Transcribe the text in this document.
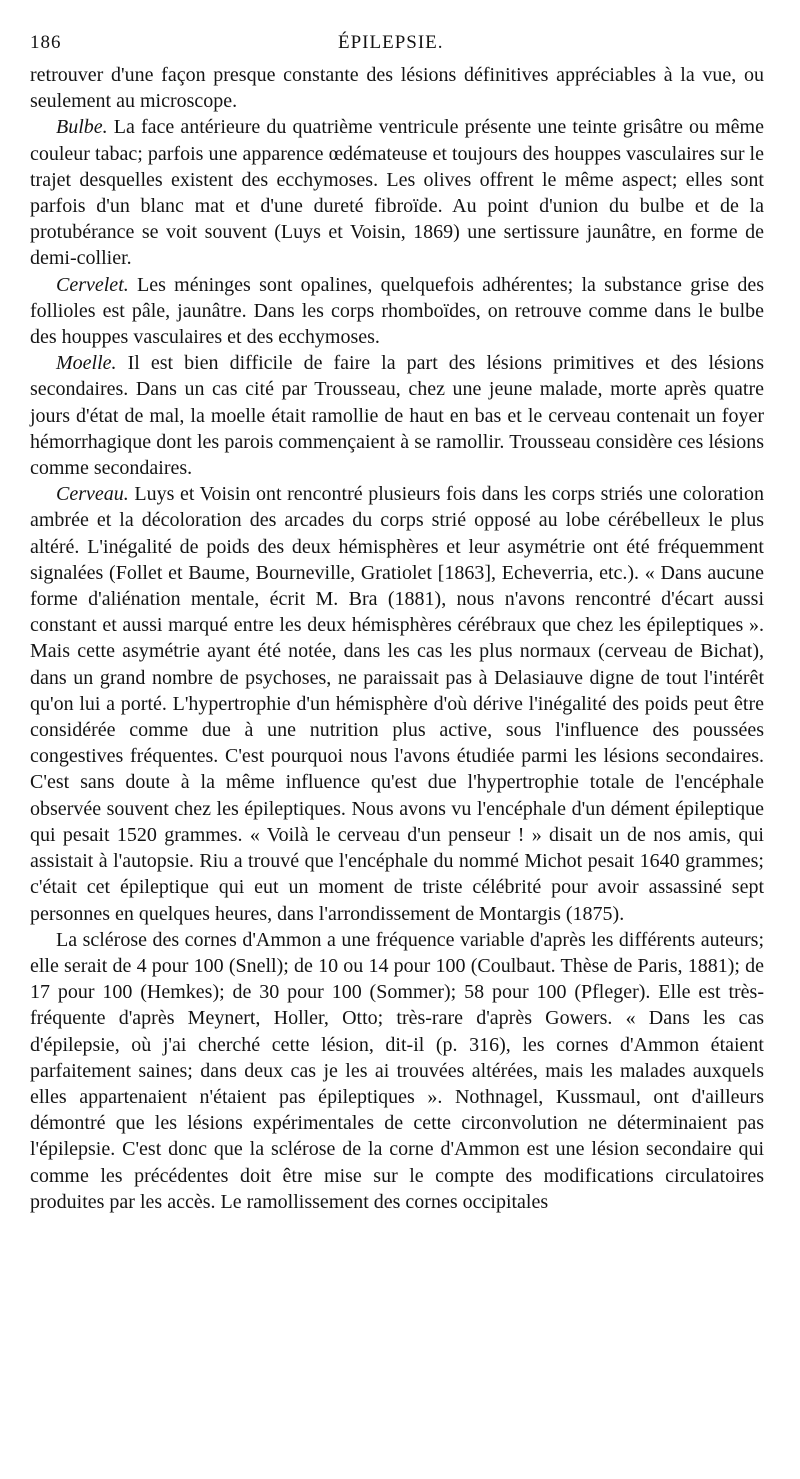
186	ÉPILEPSIE.

retrouver d'une façon presque constante des lésions définitives appréciables à la vue, ou seulement au microscope.

Bulbe. La face antérieure du quatrième ventricule présente une teinte grisâtre ou même couleur tabac; parfois une apparence œdémateuse et toujours des houppes vasculaires sur le trajet desquelles existent des ecchymoses. Les olives offrent le même aspect; elles sont parfois d'un blanc mat et d'une dureté fibroïde. Au point d'union du bulbe et de la protubérance se voit souvent (Luys et Voisin, 1869) une sertissure jaunâtre, en forme de demi-collier.

Cervelet. Les méninges sont opalines, quelquefois adhérentes; la substance grise des follioles est pâle, jaunâtre. Dans les corps rhomboïdes, on retrouve comme dans le bulbe des houppes vasculaires et des ecchymoses.

Moelle. Il est bien difficile de faire la part des lésions primitives et des lésions secondaires. Dans un cas cité par Trousseau, chez une jeune malade, morte après quatre jours d'état de mal, la moelle était ramollie de haut en bas et le cerveau contenait un foyer hémorrhagique dont les parois commençaient à se ramollir. Trousseau considère ces lésions comme secondaires.

Cerveau. Luys et Voisin ont rencontré plusieurs fois dans les corps striés une coloration ambrée et la décoloration des arcades du corps strié opposé au lobe cérébelleux le plus altéré. L'inégalité de poids des deux hémisphères et leur asymétrie ont été fréquemment signalées (Follet et Baume, Bourneville, Gratiolet [1863], Echeverria, etc.). « Dans aucune forme d'aliénation mentale, écrit M. Bra (1881), nous n'avons rencontré d'écart aussi constant et aussi marqué entre les deux hémisphères cérébraux que chez les épileptiques ». Mais cette asymétrie ayant été notée, dans les cas les plus normaux (cerveau de Bichat), dans un grand nombre de psychoses, ne paraissait pas à Delasiauve digne de tout l'intérêt qu'on lui a porté. L'hypertrophie d'un hémisphère d'où dérive l'inégalité des poids peut être considérée comme due à une nutrition plus active, sous l'influence des poussées congestives fréquentes. C'est pourquoi nous l'avons étudiée parmi les lésions secondaires. C'est sans doute à la même influence qu'est due l'hypertrophie totale de l'encéphale observée souvent chez les épileptiques. Nous avons vu l'encéphale d'un dément épileptique qui pesait 1520 grammes. « Voilà le cerveau d'un penseur ! » disait un de nos amis, qui assistait à l'autopsie. Riu a trouvé que l'encéphale du nommé Michot pesait 1640 grammes; c'était cet épileptique qui eut un moment de triste célébrité pour avoir assassiné sept personnes en quelques heures, dans l'arrondissement de Montargis (1875).

La sclérose des cornes d'Ammon a une fréquence variable d'après les différents auteurs; elle serait de 4 pour 100 (Snell); de 10 ou 14 pour 100 (Coulbaut. Thèse de Paris, 1881); de 17 pour 100 (Hemkes); de 30 pour 100 (Sommer); 58 pour 100 (Pfleger). Elle est très-fréquente d'après Meynert, Holler, Otto; très-rare d'après Gowers. « Dans les cas d'épilepsie, où j'ai cherché cette lésion, dit-il (p. 316), les cornes d'Ammon étaient parfaitement saines; dans deux cas je les ai trouvées altérées, mais les malades auxquels elles appartenaient n'étaient pas épileptiques ». Nothnagel, Kussmaul, ont d'ailleurs démontré que les lésions expérimentales de cette circonvolution ne déterminaient pas l'épilepsie. C'est donc que la sclérose de la corne d'Ammon est une lésion secondaire qui comme les précédentes doit être mise sur le compte des modifications circulatoires produites par les accès. Le ramollissement des cornes occipitales
